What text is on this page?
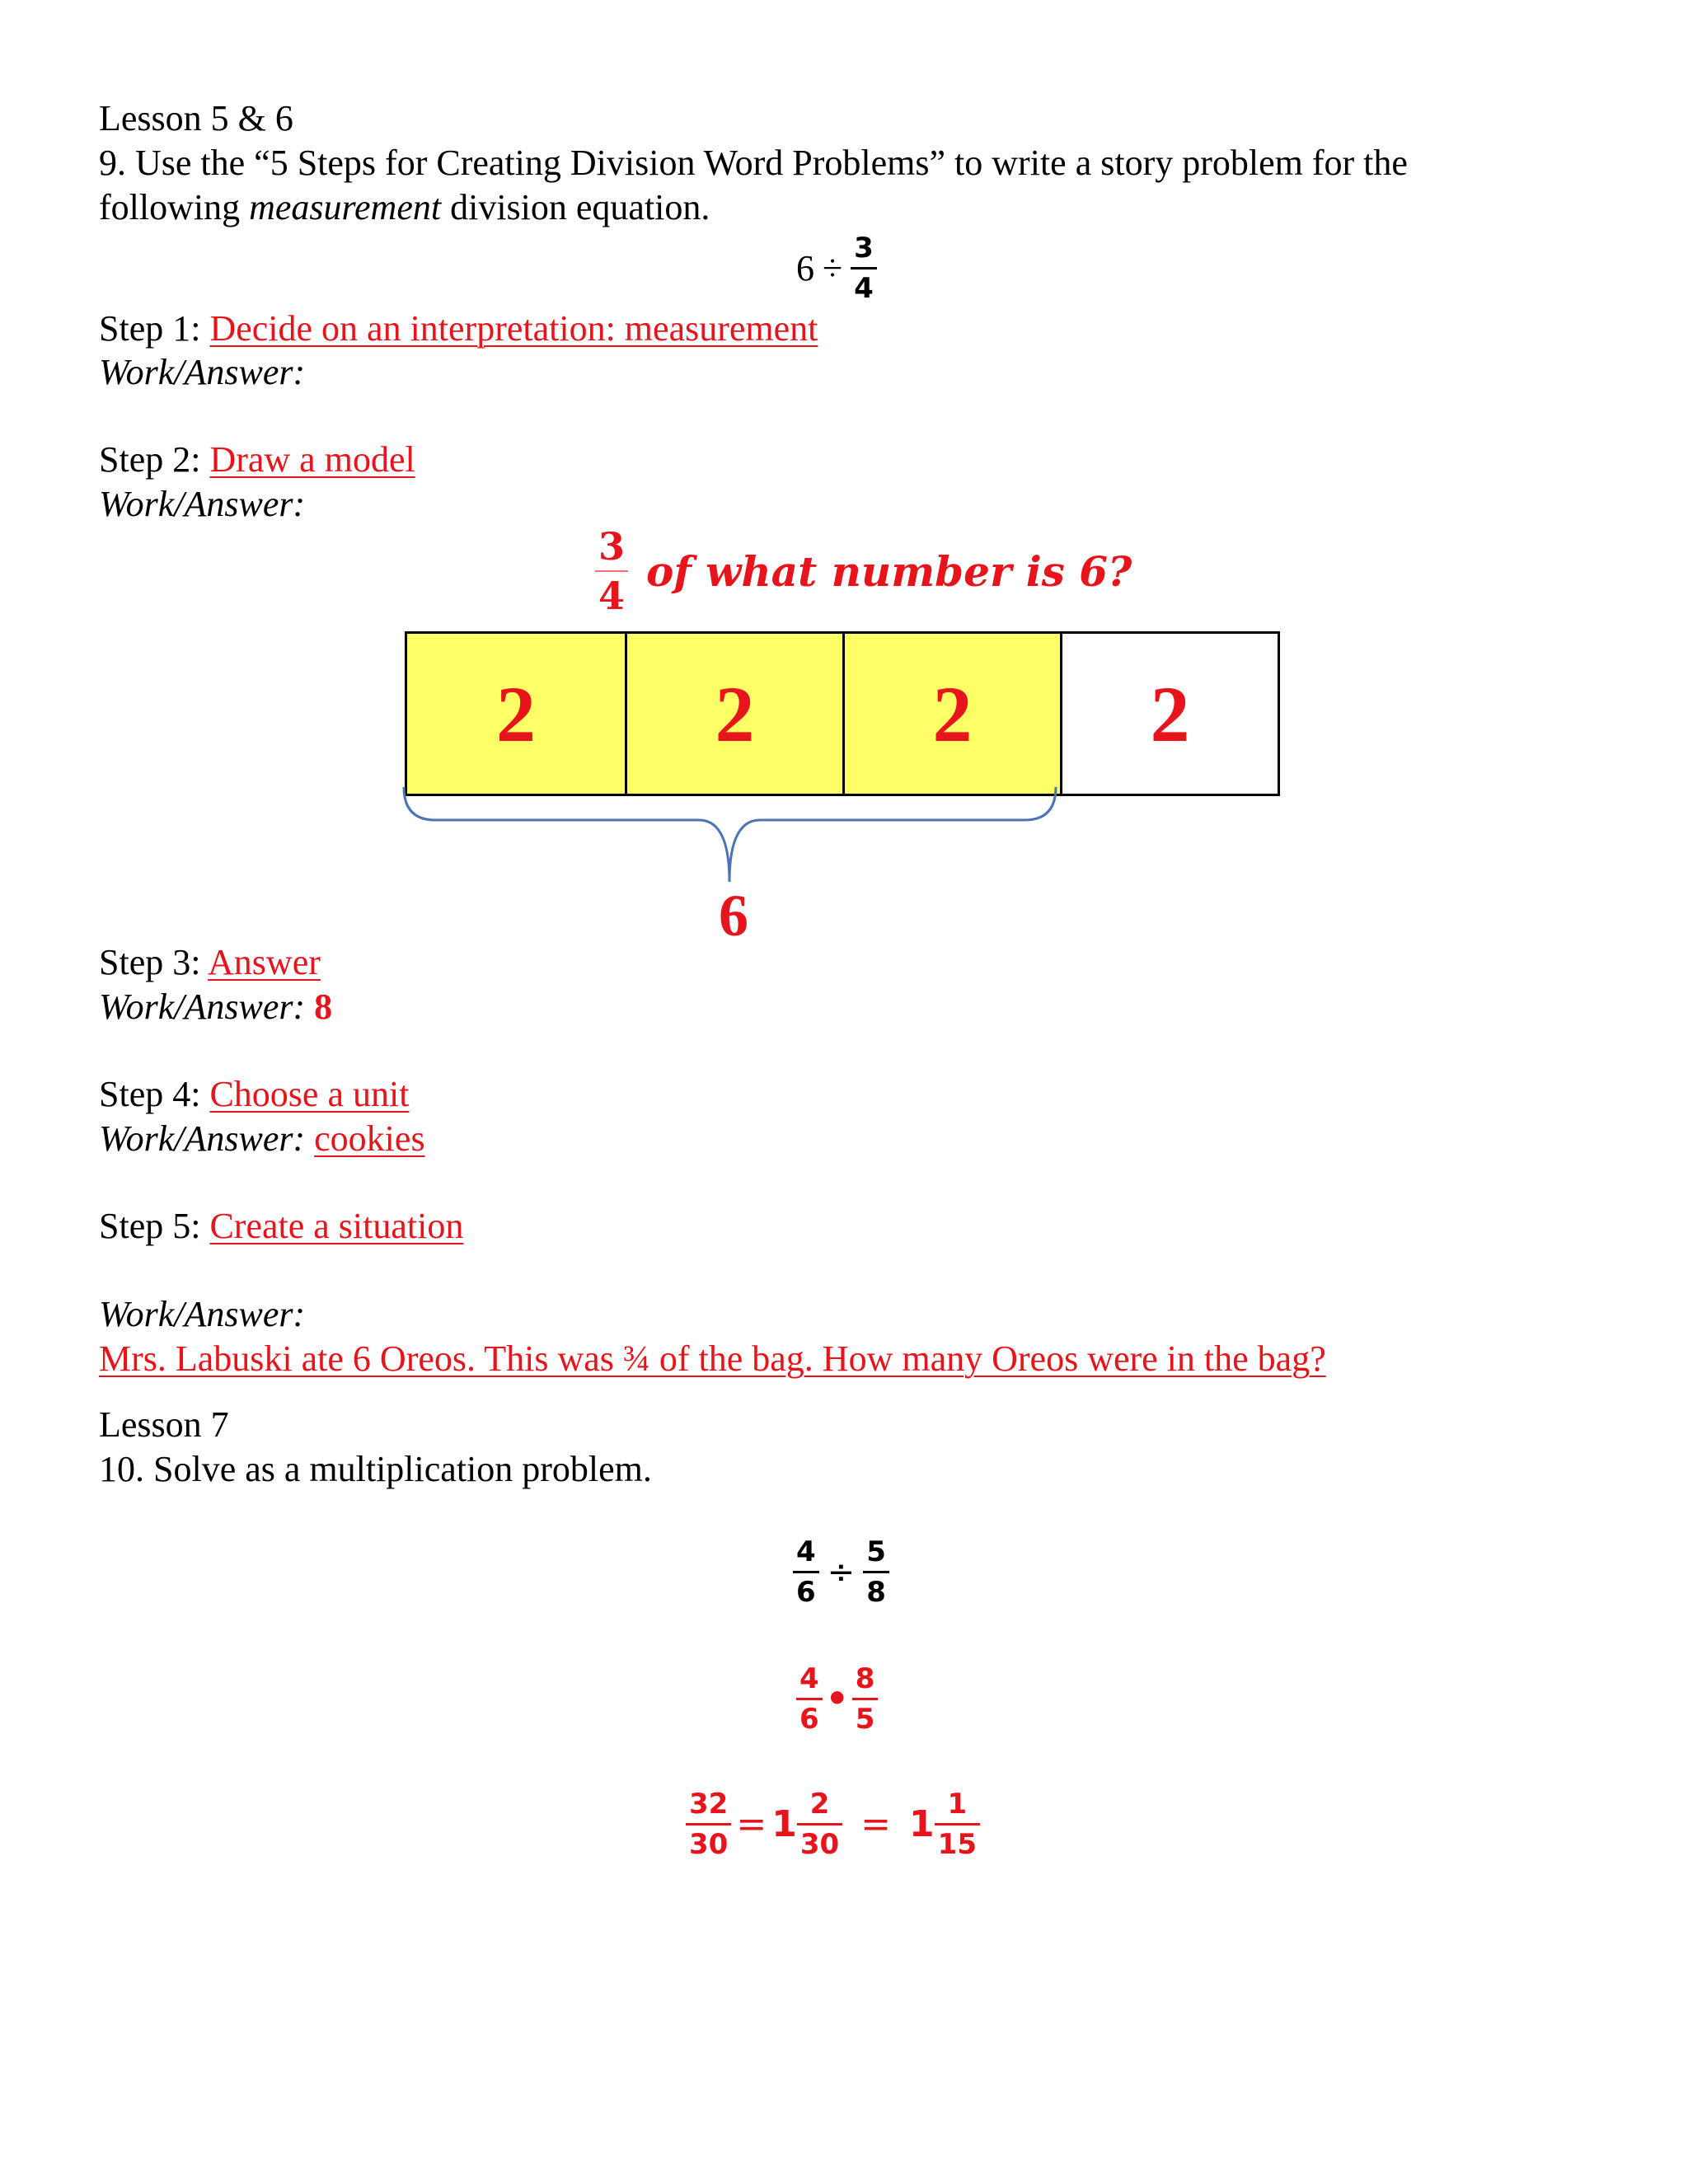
Lesson 5 & 6
9. Use the “5 Steps for Creating Division Word Problems” to write a story problem for the
following measurement division equation.
$6 \div \frac{3}{4}$
Step 1: Decide on an interpretation: measurement
Work/Answer:
Step 2: Draw a model
Work/Answer:
$\frac{3}{4}$ of what number is 6?
2	2	2	2
6
Step 3: Answer
Work/Answer: 8
Step 4: Choose a unit
Work/Answer: cookies
Step 5: Create a situation
Work/Answer:
Mrs. Labuski ate 6 Oreos. This was ¾ of the bag. How many Oreos were in the bag?
Lesson 7
10. Solve as a multiplication problem.
$\frac{4}{6} \div \frac{5}{8}$
$\frac{4}{6}$ • $\frac{8}{5}$
$\frac{32}{30} = 1 \frac{2}{30} = 1 \frac{1}{15}$
